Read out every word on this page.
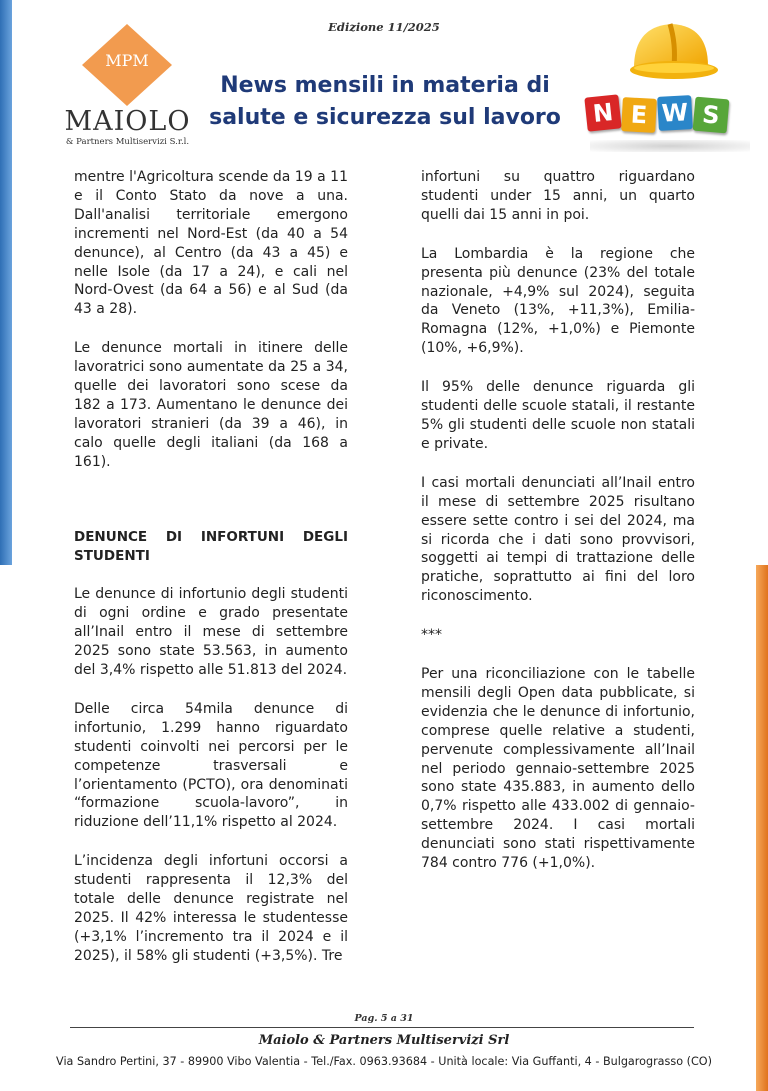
Edizione 11/2025
MPM
MAIOLO
& Partners Multiservizi S.r.l.
News mensili in materia di
salute e sicurezza sul lavoro	N E W S

mentre l'Agricoltura scende da 19 a 11 e il Conto Stato da nove a una. Dall'analisi territoriale emergono incrementi nel Nord-Est (da 40 a 54 denunce), al Centro (da 43 a 45) e nelle Isole (da 17 a 24), e cali nel Nord-Ovest (da 64 a 56) e al Sud (da 43 a 28).

Le denunce mortali in itinere delle lavoratrici sono aumentate da 25 a 34, quelle dei lavoratori sono scese da 182 a 173. Aumentano le denunce dei lavoratori stranieri (da 39 a 46), in calo quelle degli italiani (da 168 a 161).

DENUNCE DI INFORTUNI DEGLI STUDENTI

Le denunce di infortunio degli studenti di ogni ordine e grado presentate all’Inail entro il mese di settembre 2025 sono state 53.563, in aumento del 3,4% rispetto alle 51.813 del 2024.

Delle circa 54mila denunce di infortunio, 1.299 hanno riguardato studenti coinvolti nei percorsi per le competenze trasversali e l’orientamento (PCTO), ora denominati “formazione scuola-lavoro”, in riduzione dell’11,1% rispetto al 2024.

L’incidenza degli infortuni occorsi a studenti rappresenta il 12,3% del totale delle denunce registrate nel 2025. Il 42% interessa le studentesse (+3,1% l’incremento tra il 2024 e il 2025), il 58% gli studenti (+3,5%). Tre

infortuni su quattro riguardano studenti under 15 anni, un quarto quelli dai 15 anni in poi.

La Lombardia è la regione che presenta più denunce (23% del totale nazionale, +4,9% sul 2024), seguita da Veneto (13%, +11,3%), Emilia-Romagna (12%, +1,0%) e Piemonte (10%, +6,9%).

Il 95% delle denunce riguarda gli studenti delle scuole statali, il restante 5% gli studenti delle scuole non statali e private.

I casi mortali denunciati all’Inail entro il mese di settembre 2025 risultano essere sette contro i sei del 2024, ma si ricorda che i dati sono provvisori, soggetti ai tempi di trattazione delle pratiche, soprattutto ai fini del loro riconoscimento.

***

Per una riconciliazione con le tabelle mensili degli Open data pubblicate, si evidenzia che le denunce di infortunio, comprese quelle relative a studenti, pervenute complessivamente all’Inail nel periodo gennaio-settembre 2025 sono state 435.883, in aumento dello 0,7% rispetto alle 433.002 di gennaio-settembre 2024. I casi mortali denunciati sono stati rispettivamente 784 contro 776 (+1,0%).

Pag. 5 a 31
Maiolo & Partners Multiservizi Srl
Via Sandro Pertini, 37 - 89900 Vibo Valentia - Tel./Fax. 0963.93684 - Unità locale: Via Guffanti, 4 - Bulgarograsso (CO)
